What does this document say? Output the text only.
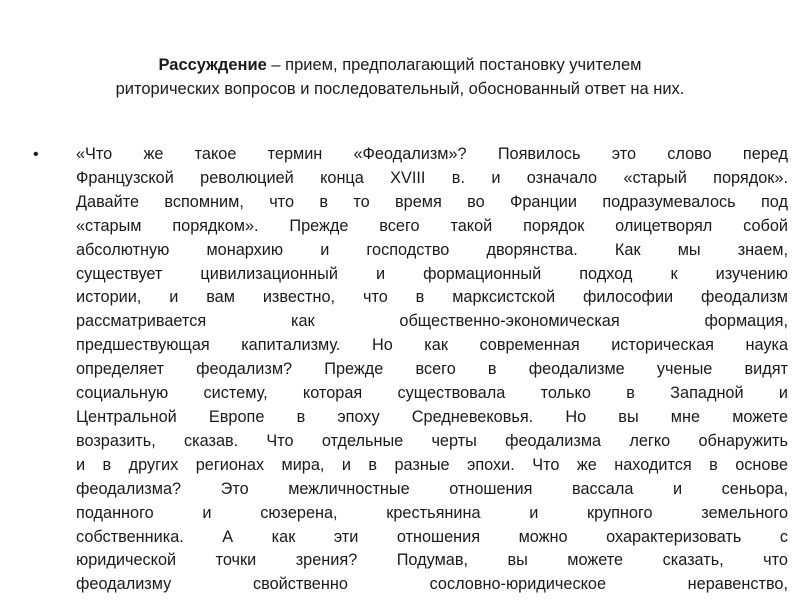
Рассуждение – прием, предполагающий постановку учителем
риторических вопросов и последовательный, обоснованный ответ на них.
•	«Что же такое термин «Феодализм»? Появилось это слово перед
Французской революцией конца XVIII в. и означало «старый порядок».
Давайте вспомним, что в то время во Франции подразумевалось под
«старым порядком». Прежде всего такой порядок олицетворял собой
абсолютную монархию и господство дворянства. Как мы знаем,
существует цивилизационный и формационный подход к изучению
истории, и вам известно, что в марксистской философии феодализм
рассматривается как общественно-экономическая формация,
предшествующая капитализму. Но как современная историческая наука
определяет феодализм? Прежде всего в феодализме ученые видят
социальную систему, которая существовала только в Западной и
Центральной Европе в эпоху Средневековья. Но вы мне можете
возразить, сказав. Что отдельные черты феодализма легко обнаружить
и в других регионах мира, и в разные эпохи. Что же находится в основе
феодализма? Это межличностные отношения вассала и сеньора,
поданного и сюзерена, крестьянина и крупного земельного
собственника. А как эти отношения можно охарактеризовать с
юридической точки зрения? Подумав, вы можете сказать, что
феодализму свойственно сословно-юридическое неравенство,
